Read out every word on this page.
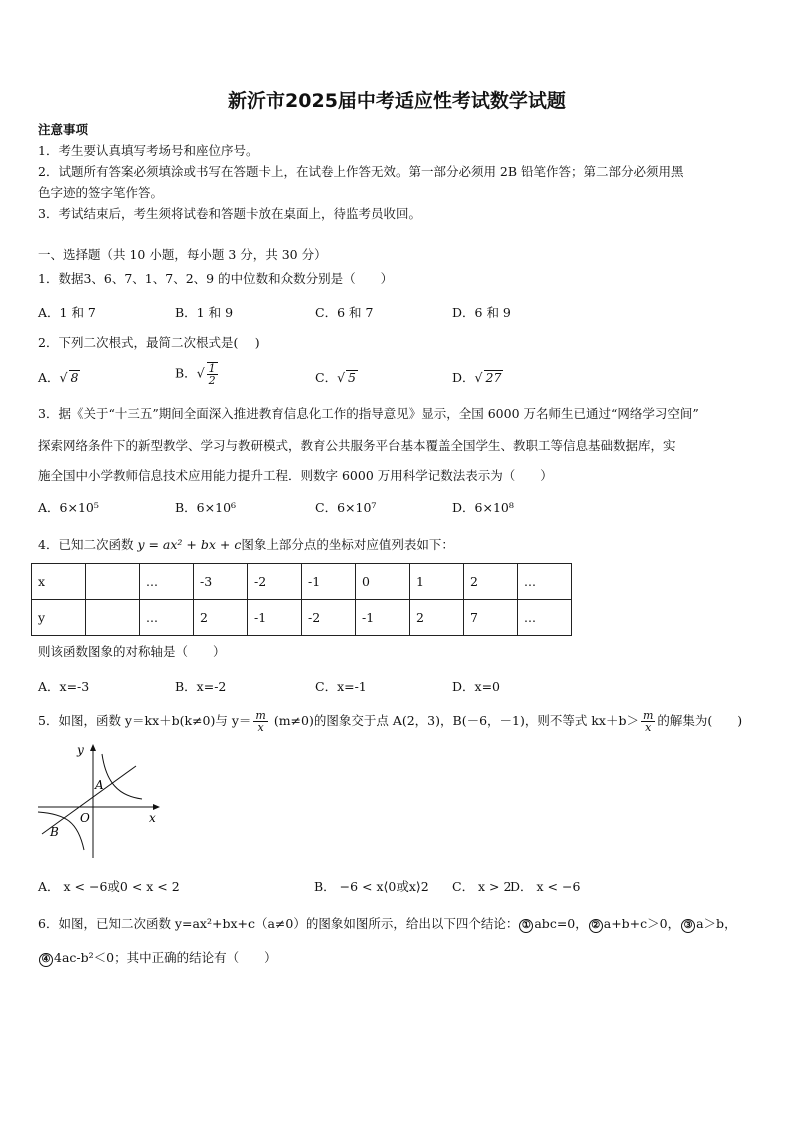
新沂市2025届中考适应性考试数学试题
注意事项
1．考生要认真填写考场号和座位序号。
2．试题所有答案必须填涂或书写在答题卡上，在试卷上作答无效。第一部分必须用 2B 铅笔作答；第二部分必须用黑
色字迹的签字笔作答。
3．考试结束后，考生须将试卷和答题卡放在桌面上，待监考员收回。
一、选择题（共 10 小题，每小题 3 分，共 30 分）
1．数据3、6、7、1、7、2、9 的中位数和众数分别是（　　）
A．1 和 7	B．1 和 9	C．6 和 7	D．6 和 9
2．下列二次根式，最简二次根式是(　 )
A．√ 8	B．√ $\frac{1}{2}$	C．√ 5	D．√ 27
3．据《关于“十三五”期间全面深入推进教育信息化工作的指导意见》显示，全国 6000 万名师生已通过“网络学习空间”
探索网络条件下的新型教学、学习与教研模式，教育公共服务平台基本覆盖全国学生、教职工等信息基础数据库，实
施全国中小学教师信息技术应用能力提升工程．则数字 6000 万用科学记数法表示为（　　）
A．6×10⁵	B．6×10⁶	C．6×10⁷	D．6×10⁸
4．已知二次函数 y = ax² + bx + c图象上部分点的坐标对应值列表如下：
x		...	-3	-2	-1	0	1	2	...
y		...	2	-1	-2	-1	2	7	...
则该函数图象的对称轴是（　　）
A．x=-3	B．x=-2	C．x=-1	D．x=0
5．如图，函数 y＝kx＋b(k≠0)与 $y= \frac{m}{x} (m\ne 0)$的图象交于点 A(2，3)，B(－6，－1)，则不等式 $kx+b> \frac{m}{x}$ 的解集为(　　)
y
x
A
B
O
A． x < −6或0 < x < 2	B． −6 < x⟨0或x⟩2 C． x > 2
D． x < −6
6．如图，已知二次函数 y=ax²+bx+c（a≠0）的图象如图所示，给出以下四个结论： ① abc=0， ② a+b+c＞0， ③ a＞b，
④ 4ac-b²＜0；其中正确的结论有（　　）
